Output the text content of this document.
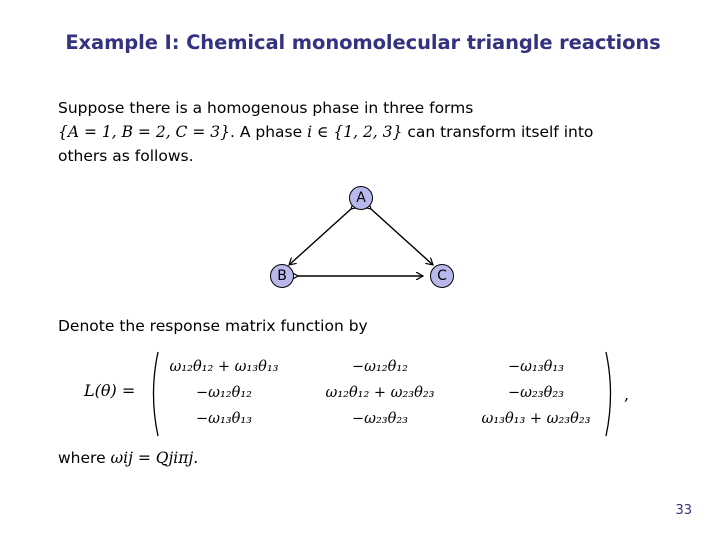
Example I: Chemical monomolecular triangle reactions
Suppose there is a homogenous phase in three forms
{A = 1, B = 2, C = 3}. A phase i ∈ {1, 2, 3} can transform itself into
others as follows.
A
B	C
Denote the response matrix function by
L(θ) =
ω₁₂θ₁₂ + ω₁₃θ₁₃	−ω₁₂θ₁₂	−ω₁₃θ₁₃
−ω₁₂θ₁₂	ω₁₂θ₁₂ + ω₂₃θ₂₃	−ω₂₃θ₂₃
−ω₁₃θ₁₃	−ω₂₃θ₂₃	ω₁₃θ₁₃ + ω₂₃θ₂₃
,
where ωij = Qjiπj.
33
